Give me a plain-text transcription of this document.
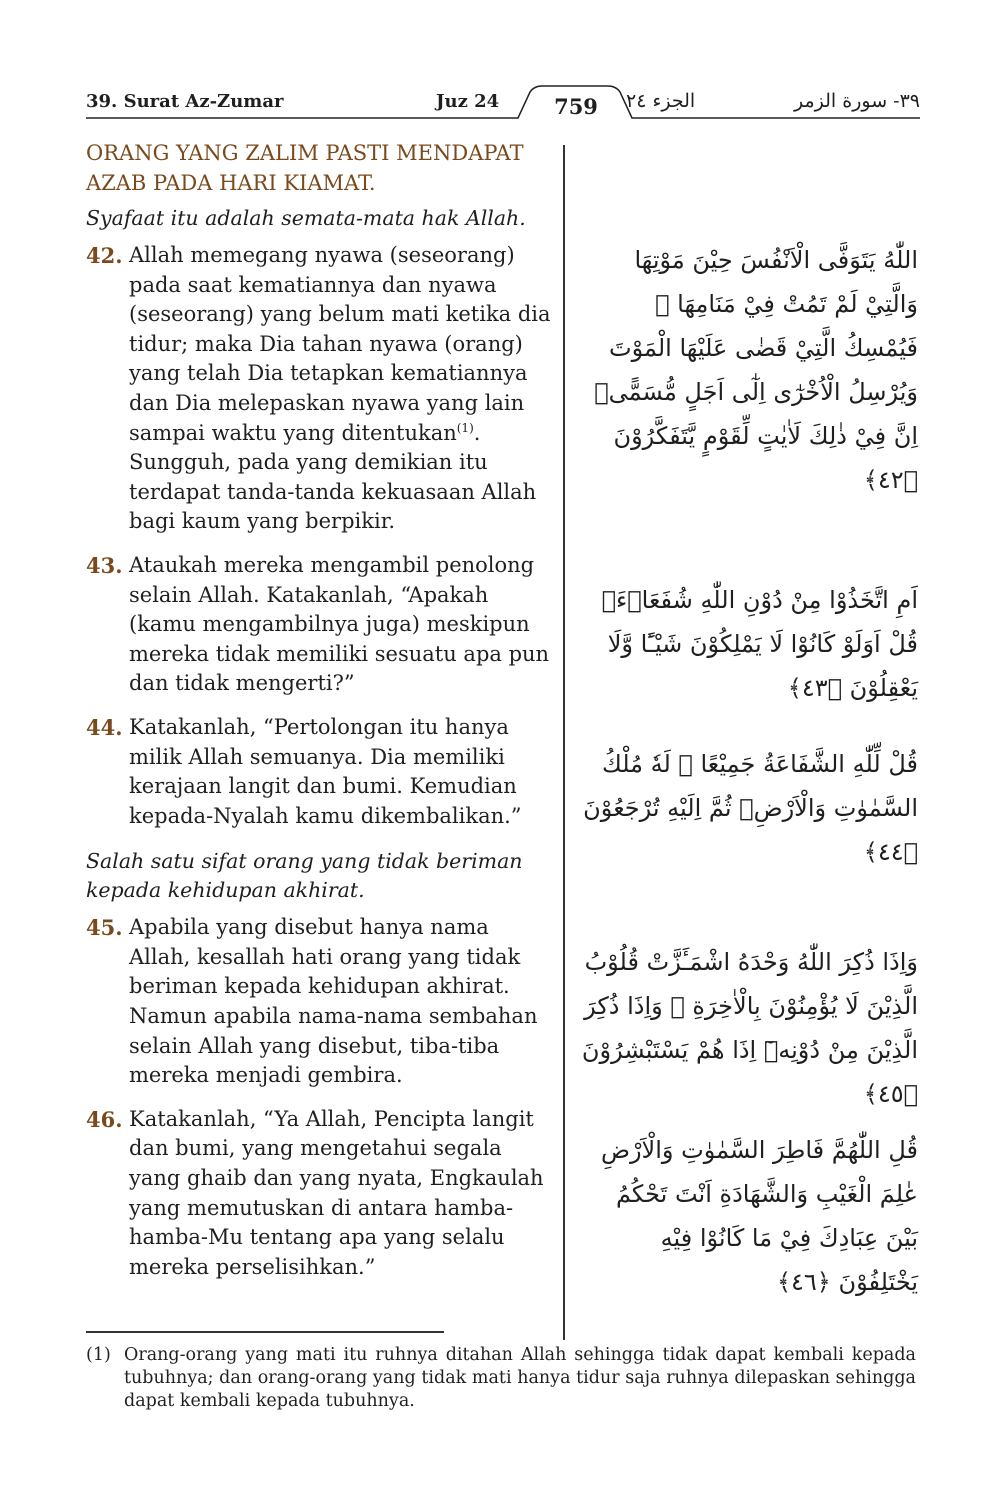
39. Surat Az-Zumar	Juz 24	759	الجزء ٢٤	٣٩- سورة الزمر

ORANG YANG ZALIM PASTI MENDAPAT AZAB PADA HARI KIAMAT.

Syafaat itu adalah semata-mata hak Allah.

42. Allah memegang nyawa (seseorang) pada saat kematiannya dan nyawa (seseorang) yang belum mati ketika dia tidur; maka Dia tahan nyawa (orang) yang telah Dia tetapkan kematiannya dan Dia melepaskan nyawa yang lain sampai waktu yang ditentukan$^{(1)}$. Sungguh, pada yang demikian itu terdapat tanda-tanda kekuasaan Allah bagi kaum yang berpikir.
43. Ataukah mereka mengambil penolong selain Allah. Katakanlah, “Apakah (kamu mengambilnya juga) meskipun mereka tidak memiliki sesuatu apa pun dan tidak mengerti?”
44. Katakanlah, “Pertolongan itu hanya milik Allah semuanya. Dia memiliki kerajaan langit dan bumi. Kemudian kepada-Nyalah kamu dikembalikan.”

Salah satu sifat orang yang tidak beriman kepada kehidupan akhirat.

45. Apabila yang disebut hanya nama Allah, kesallah hati orang yang tidak beriman kepada kehidupan akhirat. Namun apabila nama-nama sembahan selain Allah yang disebut, tiba-tiba mereka menjadi gembira.
46. Katakanlah, “Ya Allah, Pencipta langit dan bumi, yang mengetahui segala yang ghaib dan yang nyata, Engkaulah yang memutuskan di antara hamba-hamba-Mu tentang apa yang selalu mereka perselisihkan.”
اللّٰهُ يَتَوَفَّى الْاَنْفُسَ حِيْنَ مَوْتِهَا وَالَّتِيْ لَمْ تَمُتْ فِيْ مَنَامِهَا ۚ فَيُمْسِكُ الَّتِيْ قَضٰى عَلَيْهَا الْمَوْتَ وَيُرْسِلُ الْاُخْرٰٓى اِلٰٓى اَجَلٍ مُّسَمًّىۗ اِنَّ فِيْ ذٰلِكَ لَاٰيٰتٍ لِّقَوْمٍ يَّتَفَكَّرُوْنَ ﴿٤٢﴾
اَمِ اتَّخَذُوْا مِنْ دُوْنِ اللّٰهِ شُفَعَاۤءَۗ قُلْ اَوَلَوْ كَانُوْا لَا يَمْلِكُوْنَ شَيْـًٔا وَّلَا يَعْقِلُوْنَ ﴿٤٣﴾
قُلْ لِّلّٰهِ الشَّفَاعَةُ جَمِيْعًا ۗ لَهٗ مُلْكُ السَّمٰوٰتِ وَالْاَرْضِۗ ثُمَّ اِلَيْهِ تُرْجَعُوْنَ ﴿٤٤﴾
وَاِذَا ذُكِرَ اللّٰهُ وَحْدَهُ اشْمَـَٔزَّتْ قُلُوْبُ الَّذِيْنَ لَا يُؤْمِنُوْنَ بِالْاٰخِرَةِ ۚ وَاِذَا ذُكِرَ الَّذِيْنَ مِنْ دُوْنِهٖٓ اِذَا هُمْ يَسْتَبْشِرُوْنَ ﴿٤٥﴾
قُلِ اللّٰهُمَّ فَاطِرَ السَّمٰوٰتِ وَالْاَرْضِ عٰلِمَ الْغَيْبِ وَالشَّهَادَةِ اَنْتَ تَحْكُمُ بَيْنَ عِبَادِكَ فِيْ مَا كَانُوْا فِيْهِ يَخْتَلِفُوْنَ ﴿٤٦﴾
(1) Orang-orang yang mati itu ruhnya ditahan Allah sehingga tidak dapat kembali kepada tubuhnya; dan orang-orang yang tidak mati hanya tidur saja ruhnya dilepaskan sehingga dapat kembali kepada tubuhnya.
